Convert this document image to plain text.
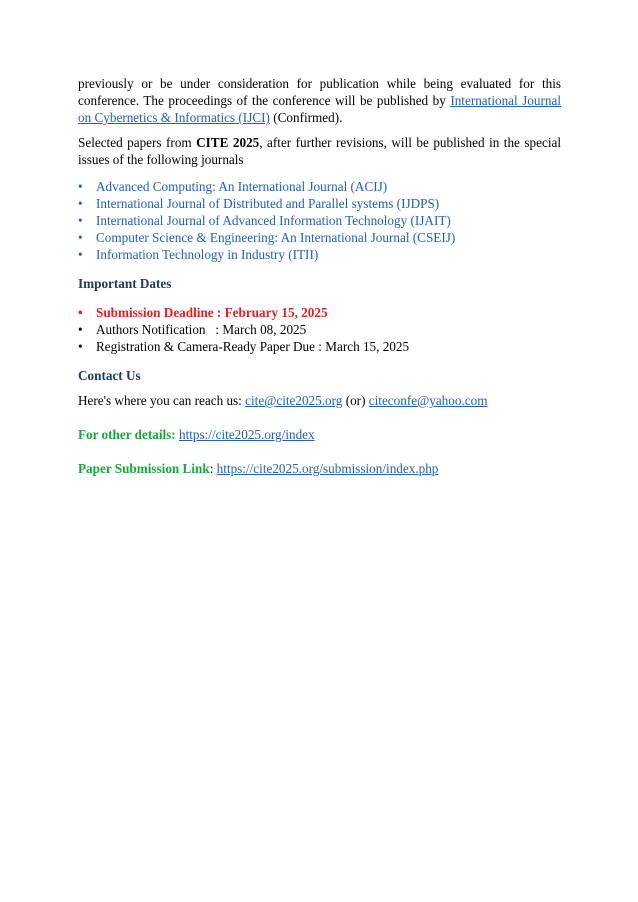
previously or be under consideration for publication while being evaluated for this

conference. The proceedings of the conference will be published by International Journal on Cybernetics & Informatics (IJCI) (Confirmed).

Selected papers from CITE 2025, after further revisions, will be published in the special issues of the following journals

•	Advanced Computing: An International Journal (ACIJ)
•	International Journal of Distributed and Parallel systems (IJDPS)
•	International Journal of Advanced Information Technology (IJAIT)
•	Computer Science & Engineering: An International Journal (CSEIJ)
•	Information Technology in Industry (ITII)

Important Dates

•	Submission Deadline : February 15, 2025
•	Authors Notification   : March 08, 2025
•	Registration & Camera-Ready Paper Due : March 15, 2025

Contact Us

Here's where you can reach us: cite@cite2025.org (or) citeconfe@yahoo.com

For other details: https://cite2025.org/index

Paper Submission Link: https://cite2025.org/submission/index.php
